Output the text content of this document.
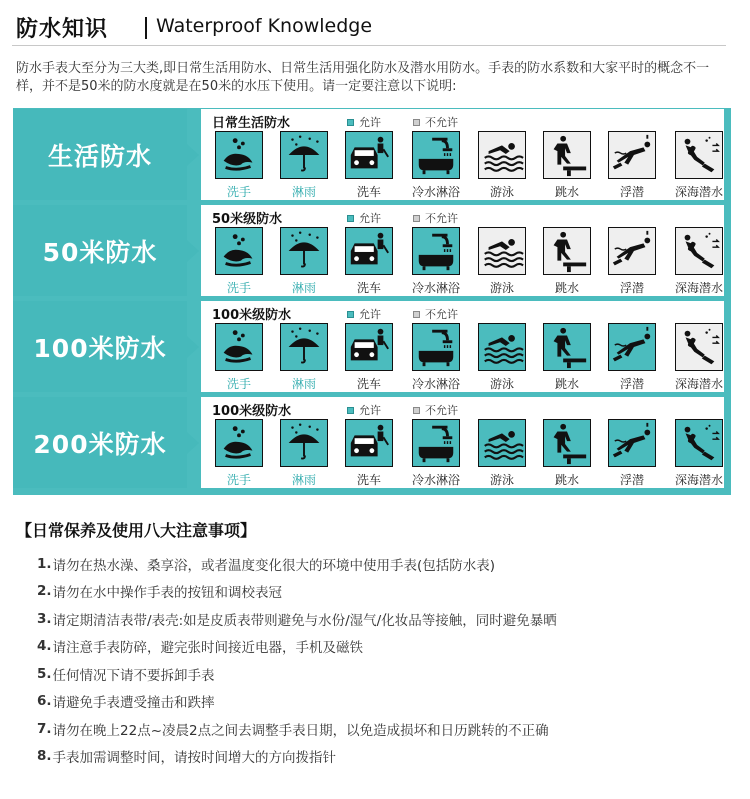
防水知识	Waterproof Knowledge

防水手表大至分为三大类,即日常生活用防水、日常生活用强化防水及潜水用防水。手表的防水系数和大家平时的概念不一样，并不是50米的防水度就是在50米的水压下使用。请一定要注意以下说明:

生活防水
日常生活防水	允许	不允许
洗手	淋雨	洗车	冷水淋浴	游泳	跳水	浮潜	深海潜水
50米防水
50米级防水	允许	不允许
洗手	淋雨	洗车	冷水淋浴	游泳	跳水	浮潜	深海潜水
100米防水
100米级防水	允许	不允许
洗手	淋雨	洗车	冷水淋浴	游泳	跳水	浮潜	深海潜水
200米防水
100米级防水	允许	不允许
洗手	淋雨	洗车	冷水淋浴	游泳	跳水	浮潜	深海潜水
【日常保养及使用八大注意事项】
1. 请勿在热水澡、桑享浴，或者温度变化很大的环境中使用手表(包括防水表)
2. 请勿在水中操作手表的按钮和调校表冠
3. 请定期清洁表带/表壳:如是皮质表带则避免与水份/湿气/化妆品等接触，同时避免暴晒
4. 请注意手表防碎，避完张时间接近电器，手机及磁铁
5. 任何情况下请不要拆卸手表
6. 请避免手表遭受撞击和跌摔
7. 请勿在晚上22点~凌晨2点之间去调整手表日期，以免造成损坏和日历跳转的不正确
8. 手表加需调整时间，请按时间增大的方向拨指针
